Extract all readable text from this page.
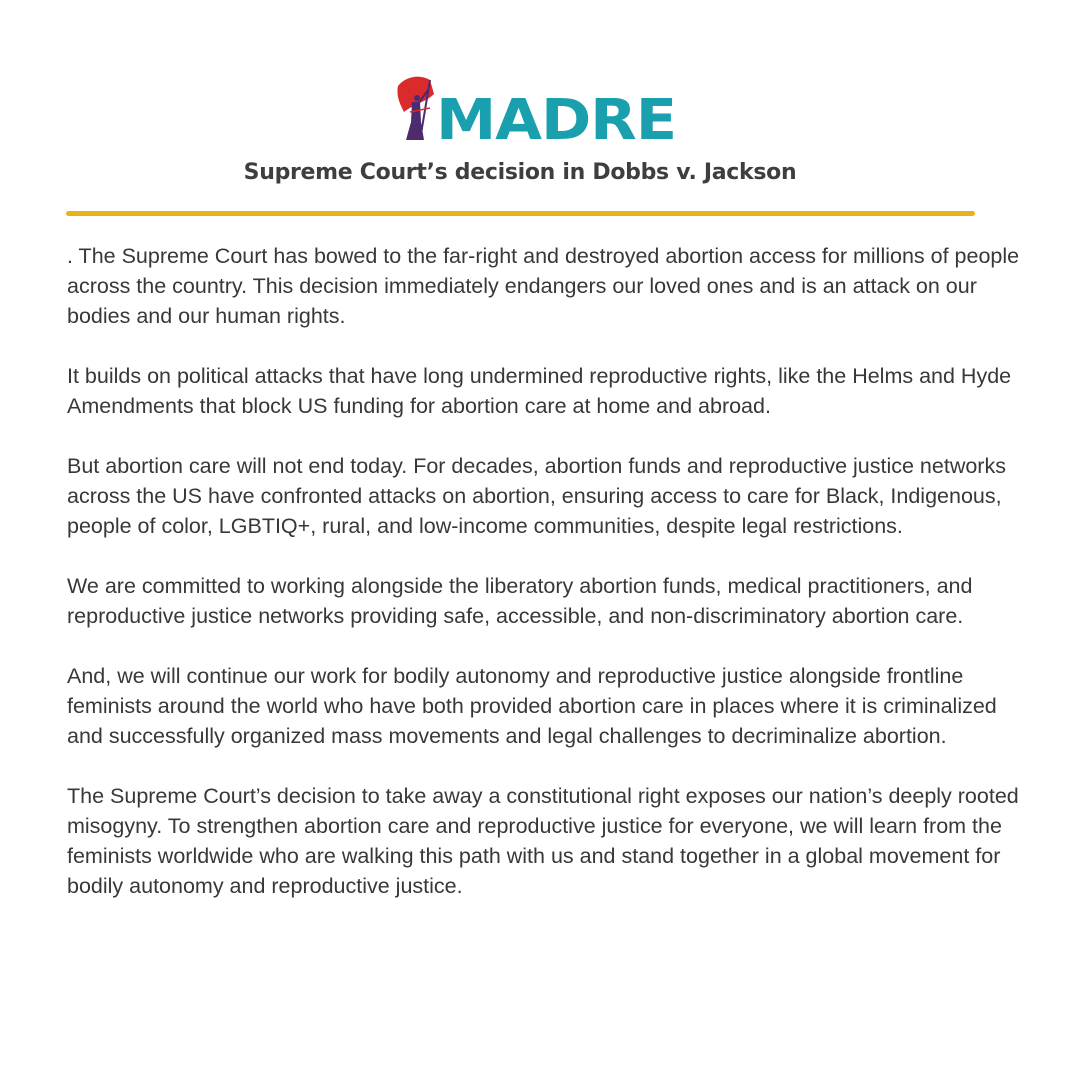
MADRE
Supreme Court’s decision in Dobbs v. Jackson

. The Supreme Court has bowed to the far-right and destroyed abortion access for millions of people across the country. This decision immediately endangers our loved ones and is an attack on our bodies and our human rights.

It builds on political attacks that have long undermined reproductive rights, like the Helms and Hyde Amendments that block US funding for abortion care at home and abroad.

But abortion care will not end today. For decades, abortion funds and reproductive justice networks across the US have confronted attacks on abortion, ensuring access to care for Black, Indigenous, people of color, LGBTIQ+, rural, and low-income communities, despite legal restrictions.

We are committed to working alongside the liberatory abortion funds, medical practitioners, and reproductive justice networks providing safe, accessible, and non-discriminatory abortion care.

And, we will continue our work for bodily autonomy and reproductive justice alongside frontline feminists around the world who have both provided abortion care in places where it is criminalized and successfully organized mass movements and legal challenges to decriminalize abortion.

The Supreme Court’s decision to take away a constitutional right exposes our nation’s deeply rooted misogyny. To strengthen abortion care and reproductive justice for everyone, we will learn from the feminists worldwide who are walking this path with us and stand together in a global movement for bodily autonomy and reproductive justice.
